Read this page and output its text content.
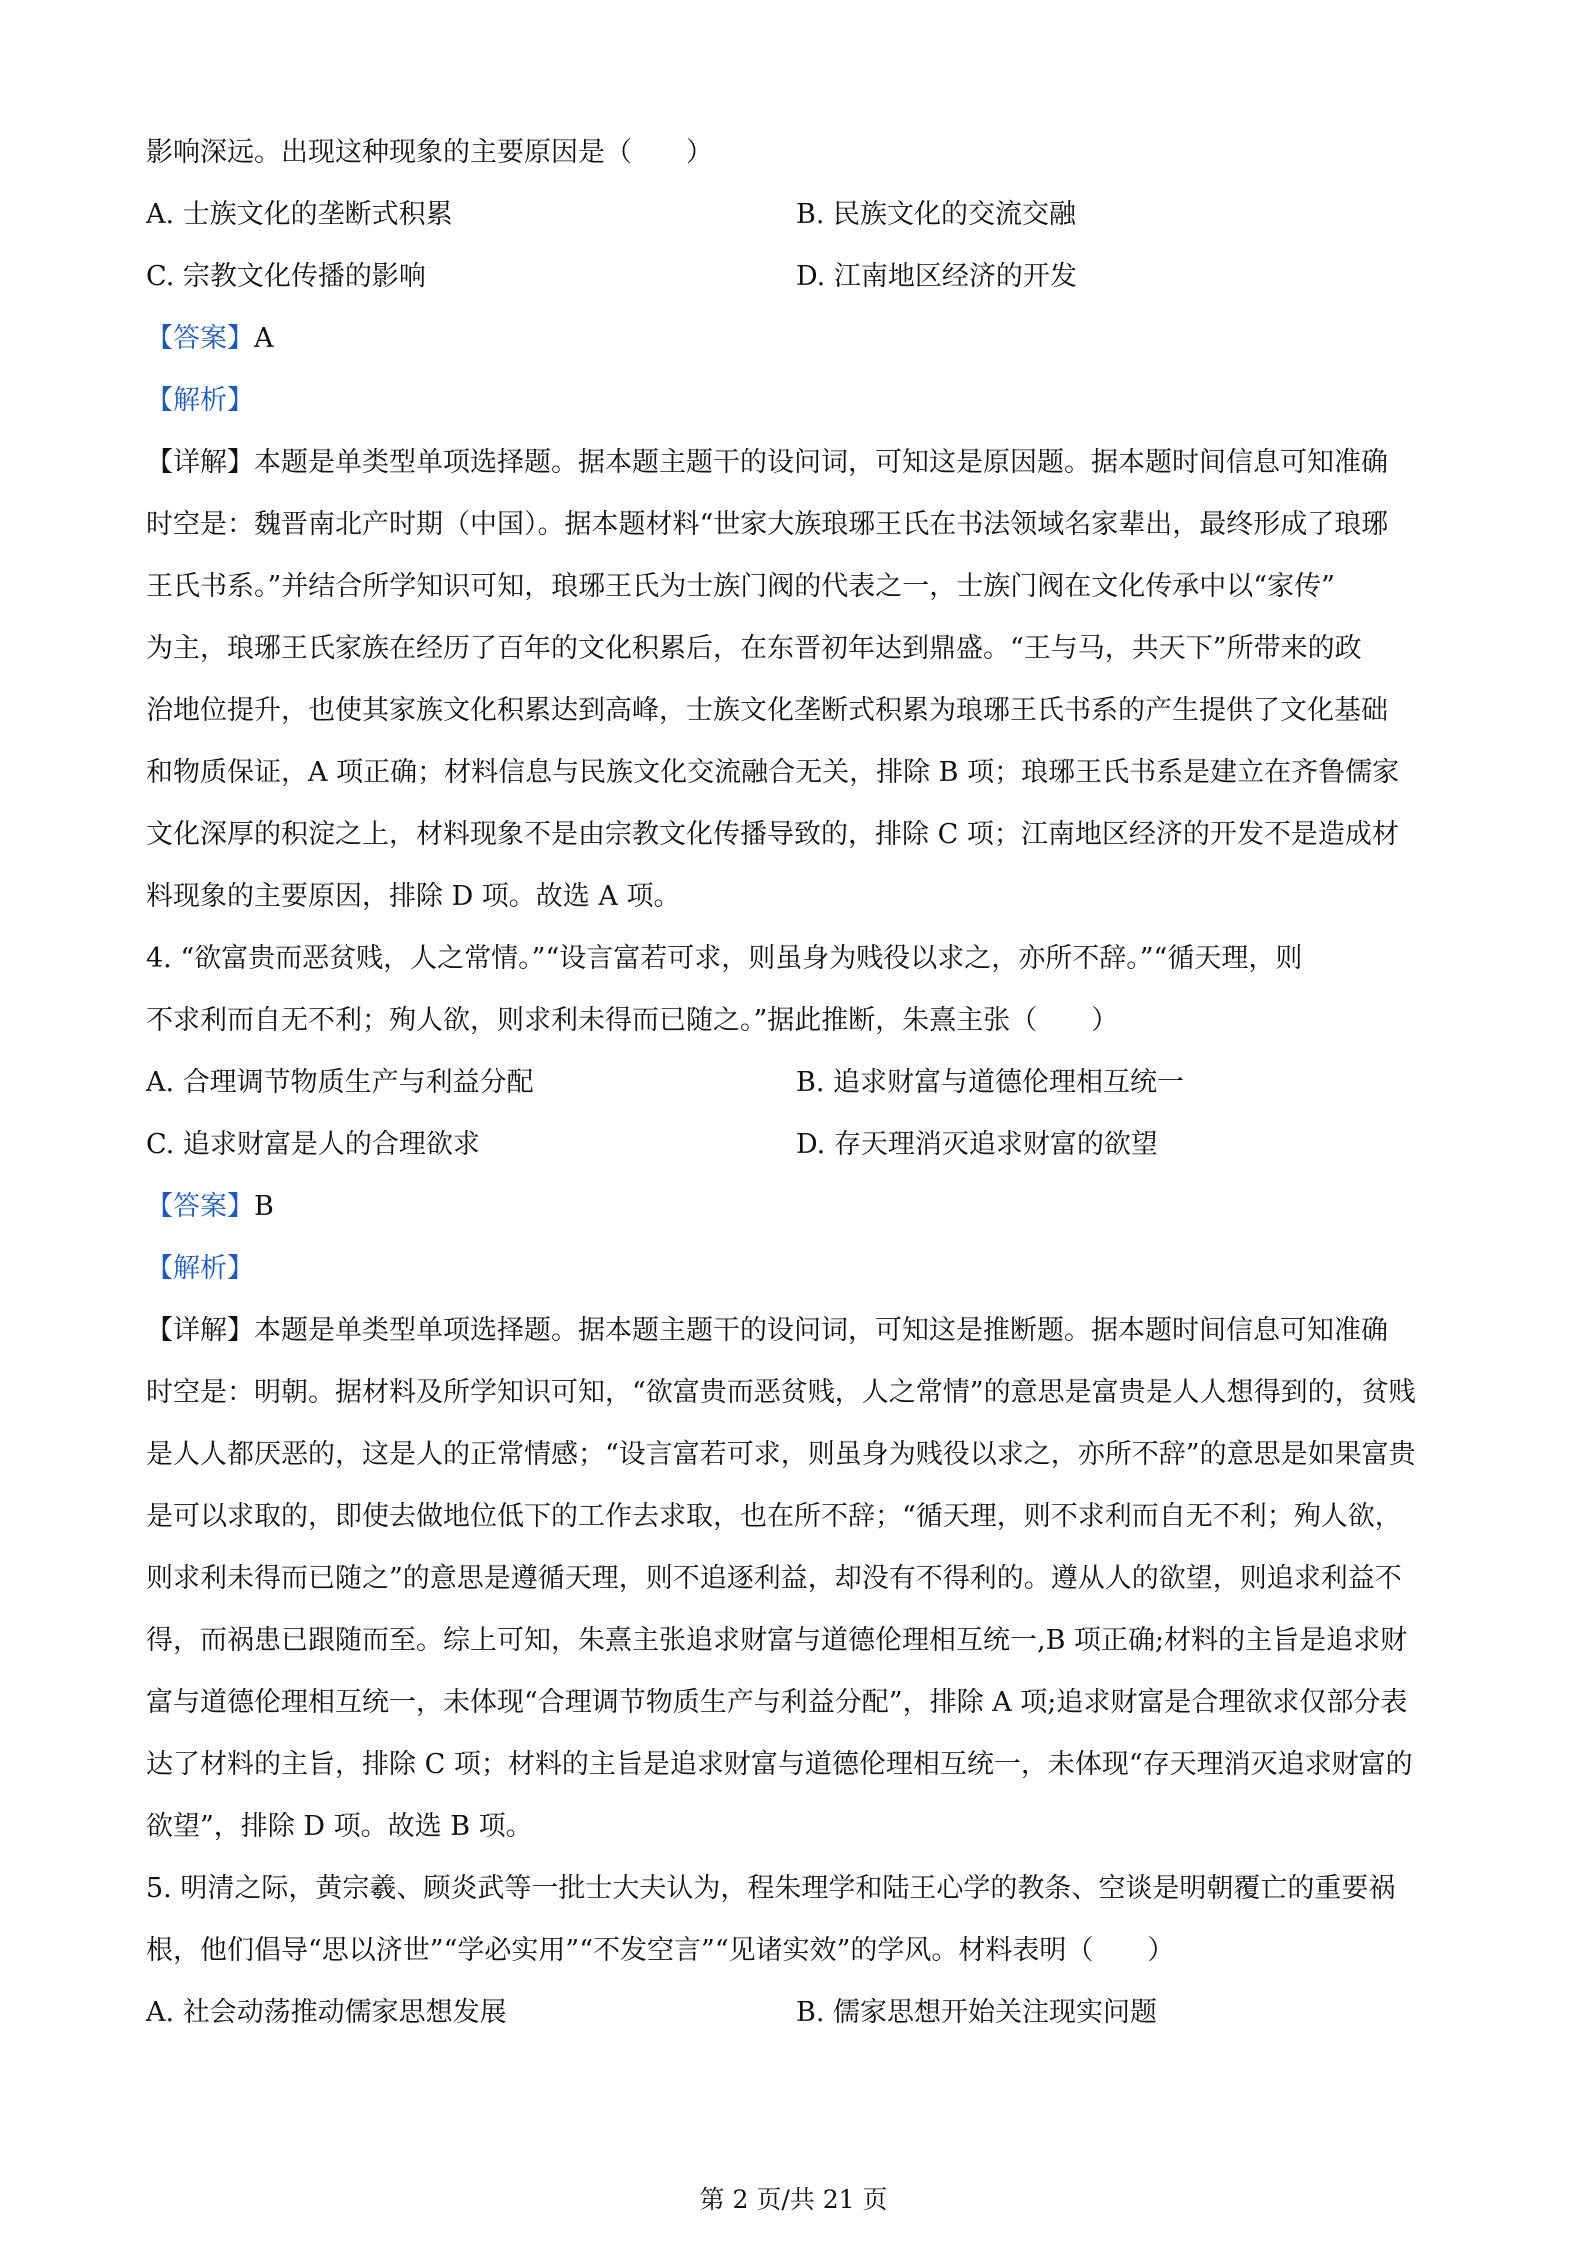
影响深远。出现这种现象的主要原因是（　　）
A. 士族文化的垄断式积累	B. 民族文化的交流交融
C. 宗教文化传播的影响	D. 江南地区经济的开发
【答案】A
【解析】
【详解】本题是单类型单项选择题。据本题主题干的设问词，可知这是原因题。据本题时间信息可知准确
时空是：魏晋南北产时期（中国）。据本题材料“世家大族琅琊王氏在书法领域名家辈出，最终形成了琅琊
王氏书系。”并结合所学知识可知，琅琊王氏为士族门阀的代表之一，士族门阀在文化传承中以“家传”
为主，琅琊王氏家族在经历了百年的文化积累后，在东晋初年达到鼎盛。“王与马，共天下”所带来的政
治地位提升，也使其家族文化积累达到高峰，士族文化垄断式积累为琅琊王氏书系的产生提供了文化基础
和物质保证，A 项正确；材料信息与民族文化交流融合无关，排除 B 项；琅琊王氏书系是建立在齐鲁儒家
文化深厚的积淀之上，材料现象不是由宗教文化传播导致的，排除 C 项；江南地区经济的开发不是造成材
料现象的主要原因，排除 D 项。故选 A 项。
4. “欲富贵而恶贫贱，人之常情。”“设言富若可求，则虽身为贱役以求之，亦所不辞。”“循天理，则
不求利而自无不利；殉人欲，则求利未得而已随之。”据此推断，朱熹主张（　　）
A. 合理调节物质生产与利益分配	B. 追求财富与道德伦理相互统一
C. 追求财富是人的合理欲求	D. 存天理消灭追求财富的欲望
【答案】B
【解析】
【详解】本题是单类型单项选择题。据本题主题干的设问词，可知这是推断题。据本题时间信息可知准确
时空是：明朝。据材料及所学知识可知，“欲富贵而恶贫贱，人之常情”的意思是富贵是人人想得到的，贫贱
是人人都厌恶的，这是人的正常情感；“设言富若可求，则虽身为贱役以求之，亦所不辞”的意思是如果富贵
是可以求取的，即使去做地位低下的工作去求取，也在所不辞；“循天理，则不求利而自无不利；殉人欲，
则求利未得而已随之”的意思是遵循天理，则不追逐利益，却没有不得利的。遵从人的欲望，则追求利益不
得，而祸患已跟随而至。综上可知，朱熹主张追求财富与道德伦理相互统一,B 项正确;材料的主旨是追求财
富与道德伦理相互统一，未体现“合理调节物质生产与利益分配”，排除 A 项;追求财富是合理欲求仅部分表
达了材料的主旨，排除 C 项；材料的主旨是追求财富与道德伦理相互统一，未体现“存天理消灭追求财富的
欲望”，排除 D 项。故选 B 项。
5. 明清之际，黄宗羲、顾炎武等一批士大夫认为，程朱理学和陆王心学的教条、空谈是明朝覆亡的重要祸
根，他们倡导“思以济世”“学必实用”“不发空言”“见诸实效”的学风。材料表明（　　）
A. 社会动荡推动儒家思想发展	B. 儒家思想开始关注现实问题
第 2 页/共 21 页
